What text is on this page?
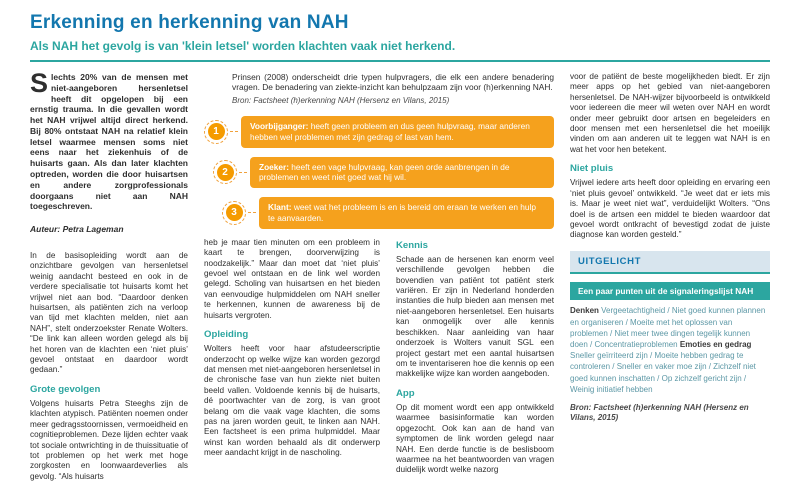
Erkenning en herkenning van NAH
Als NAH het gevolg is van 'klein letsel' worden klachten vaak niet herkend.

Slechts 20% van de mensen met niet-aangeboren hersenletsel heeft dit opgelopen bij een ernstig trauma. In die gevallen wordt het NAH vrijwel altijd direct herkend. Bij 80% ontstaat NAH na relatief klein letsel waarmee mensen soms niet eens naar het ziekenhuis of de huisarts gaan. Als dan later klachten optreden, worden die door huisartsen en andere zorgprofessionals doorgaans niet aan NAH toegeschreven.

Auteur: Petra Lageman

In de basisopleiding wordt aan de onzichtbare gevolgen van hersenletsel weinig aandacht besteed en ook in de verdere specialisatie tot huisarts komt het vrijwel niet aan bod. “Daardoor denken huisartsen, als patiënten zich na verloop van tijd met klachten melden, niet aan NAH”, stelt onderzoekster Renate Wolters. “De link kan alleen worden gelegd als bij het horen van de klachten een ‘niet pluis’ gevoel ontstaat en daardoor wordt gedaan.”

Grote gevolgen

Volgens huisarts Petra Steeghs zijn de klachten atypisch. Patiënten noemen onder meer gedragsstoornissen, vermoeidheid en cognitieproblemen. Deze lijden echter vaak tot sociale ontwrichting in de thuissituatie of tot problemen op het werk met hoge zorgkosten en loonwaardeverlies als gevolg. “Als huisarts

Prinsen (2008) onderscheidt drie typen hulpvragers, die elk een andere benadering vragen. De benadering van ziekte-inzicht kan behulpzaam zijn voor (h)erkenning NAH.

Bron: Factsheet (h)erkenning NAH (Hersenz en Vilans, 2015)

1
Voorbijganger: heeft geen probleem en dus geen hulpvraag, maar anderen hebben wel problemen met zijn gedrag of last van hem.
2
Zoeker: heeft een vage hulpvraag, kan geen orde aanbrengen in de problemen en weet niet goed wat hij wil.
3
Klant: weet wat het probleem is en is bereid om eraan te werken en hulp te aanvaarden.

heb je maar tien minuten om een probleem in kaart te brengen, doorverwijzing is noodzakelijk.” Maar dan moet dat ‘niet pluis’ gevoel wel ontstaan en de link wel worden gelegd. Scholing van huisartsen en het bieden van eenvoudige hulpmiddelen om NAH sneller te herkennen, kunnen de awareness bij de huisarts vergroten.

Opleiding

Wolters heeft voor haar afstudeerscriptie onderzocht op welke wijze kan worden gezorgd dat mensen met niet-aangeboren hersenletsel in de chronische fase van hun ziekte niet buiten beeld vallen. Voldoende kennis bij de huisarts, dé poortwachter van de zorg, is van groot belang om die vaak vage klachten, die soms pas na jaren worden geuit, te linken aan NAH. Een factsheet is een prima hulpmiddel. Maar winst kan worden behaald als dit onderwerp meer aandacht krijgt in de nascholing.

Kennis

Schade aan de hersenen kan enorm veel verschillende gevolgen hebben die bovendien van patiënt tot patiënt sterk variëren. Er zijn in Nederland honderden instanties die hulp bieden aan mensen met niet-aangeboren hersenletsel. Een huisarts kan onmogelijk over alle kennis beschikken. Naar aanleiding van haar onderzoek is Wolters vanuit SGL een project gestart met een aantal huisartsen om te inventariseren hoe die kennis op een makkelijke wijze kan worden aangeboden.

App

Op dit moment wordt een app ontwikkeld waarmee basisinformatie kan worden opgezocht. Ook kan aan de hand van symptomen de link worden gelegd naar NAH. Een derde functie is de beslisboom waarmee na het beantwoorden van vragen duidelijk wordt welke nazorg

voor de patiënt de beste mogelijkheden biedt. Er zijn meer apps op het gebied van niet-aangeboren hersenletsel. De NAH-wijzer bijvoorbeeld is ontwikkeld voor iedereen die meer wil weten over NAH en wordt onder meer gebruikt door artsen en begeleiders en door mensen met een hersenletsel die het moeilijk vinden om aan anderen uit te leggen wat NAH is en wat het voor hen betekent.

Niet pluis

Vrijwel iedere arts heeft door opleiding en ervaring een ‘niet pluis gevoel’ ontwikkeld. “Je weet dat er iets mis is. Maar je weet niet wat”, verduidelijkt Wolters. “Ons doel is de artsen een middel te bieden waardoor dat gevoel wordt ontkracht of bevestigd zodat de juiste diagnose kan worden gesteld.”

UITGELICHT
Een paar punten uit de signaleringslijst NAH

Denken Vergeetachtigheid / Niet goed kunnen plannen en organiseren / Moeite met het oplossen van problemen / Niet meer twee dingen tegelijk kunnen doen / Concentratieproblemen Emoties en gedrag Sneller geïrriteerd zijn / Moeite hebben gedrag te controleren / Sneller en vaker moe zijn / Zichzelf niet goed kunnen inschatten / Op zichzelf gericht zijn / Weinig initiatief hebben

Bron: Factsheet (h)erkenning NAH (Hersenz en Vilans, 2015)
